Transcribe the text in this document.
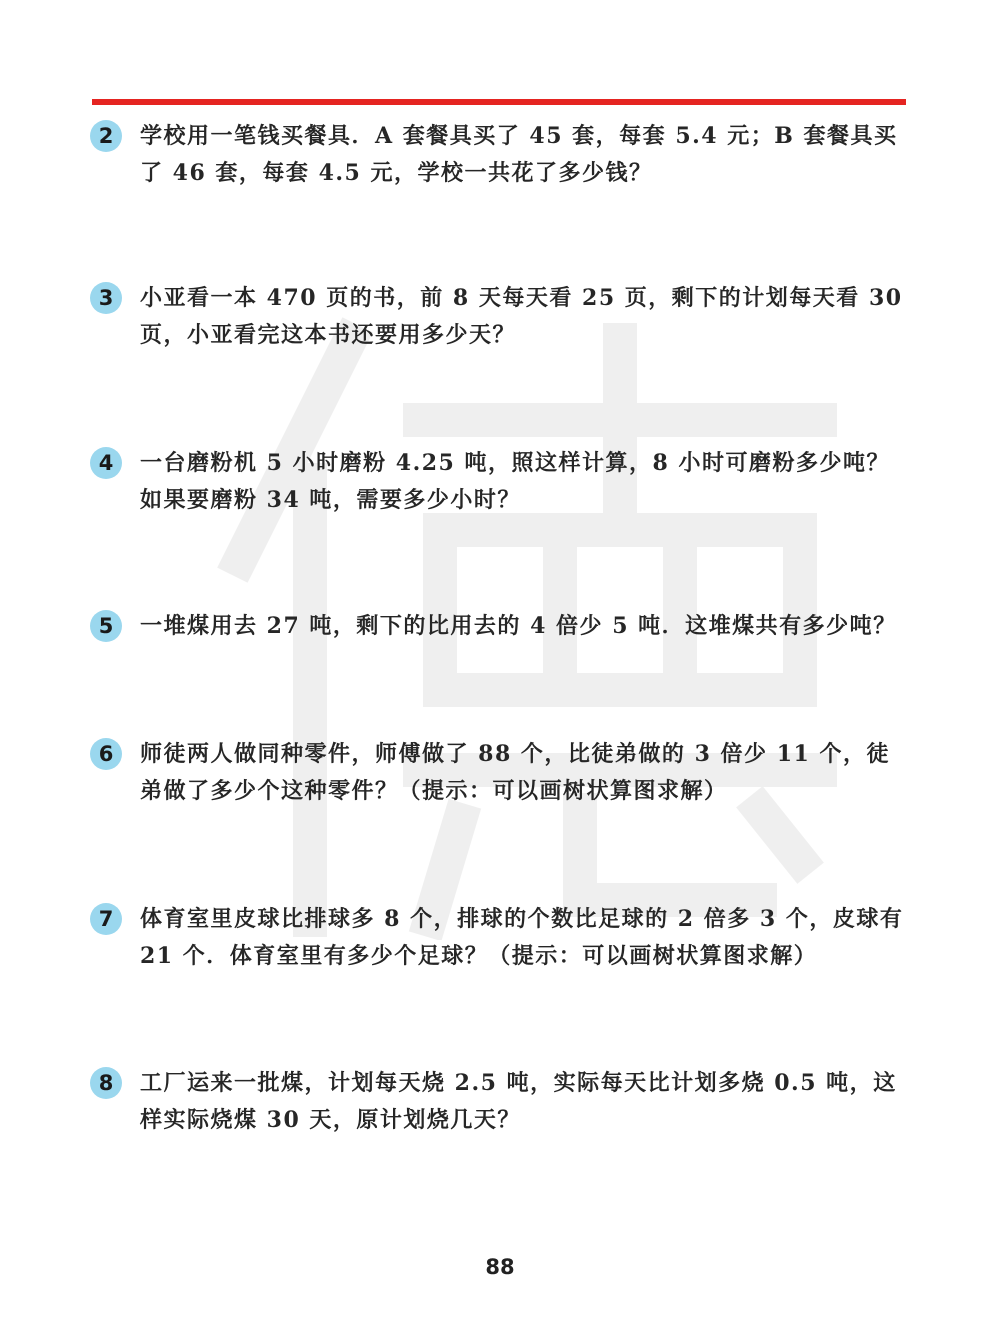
2	学校用一笔钱买餐具．A 套餐具买了 45 套，每套 5.4 元；B 套餐具买了 46 套，每套 4.5 元，学校一共花了多少钱？

3	小亚看一本 470 页的书，前 8 天每天看 25 页，剩下的计划每天看 30 页，小亚看完这本书还要用多少天？

4	一台磨粉机 5 小时磨粉 4.25 吨，照这样计算，8 小时可磨粉多少吨？如果要磨粉 34 吨，需要多少小时？

5	一堆煤用去 27 吨，剩下的比用去的 4 倍少 5 吨．这堆煤共有多少吨？

6	师徒两人做同种零件，师傅做了 88 个，比徒弟做的 3 倍少 11 个，徒弟做了多少个这种零件？（提示：可以画树状算图求解）

7	体育室里皮球比排球多 8 个，排球的个数比足球的 2 倍多 3 个，皮球有 21 个．体育室里有多少个足球？（提示：可以画树状算图求解）

8	工厂运来一批煤，计划每天烧 2.5 吨，实际每天比计划多烧 0.5 吨，这样实际烧煤 30 天，原计划烧几天？

88
